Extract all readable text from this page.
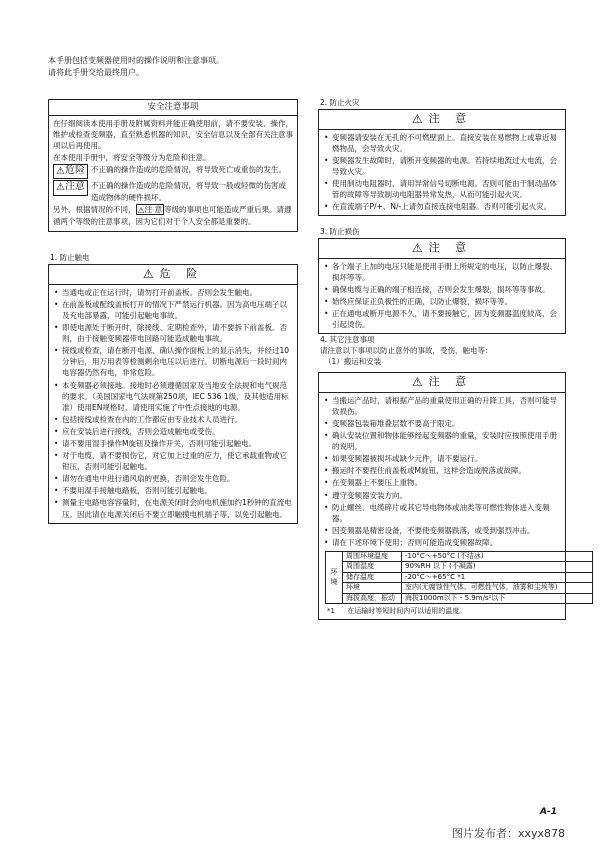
本手册包括变频器使用时的操作说明和注意事项。

请将此手册交给最终用户。

安全注意事项

在仔细阅读本使用手册及附属资料并能正确使用前，请不要安装、操作，维护或检查变频器，直至熟悉机器的知识，安全信息以及全部有关注意事项以后再使用。

在本使用手册中，将安全等级分为危险和注意。

⚠危险 不正确的操作造成的危险情况，将导致死亡或重伤的发生。
⚠注意 不正确的操作造成的危险情况，将导致一般或轻微的伤害或造成物体的硬件损坏。

另外，根据情况的不同， ⚠注 意 等级的事项也可能造成严重后果。请遵循两个等级的注意事项，因为它们对于个人安全都是重要的。

1. 防止触电
⚠危 险
• 当通电或正在运行时，请勿打开前盖板。否则会发生触电。
• 在前盖板或配线盖板打开的情况下严禁运行机器。因为高电压端子以及充电部暴露，可能引起触电事故。
• 即使电源处于断开时，除接线、定期检查外，请不要拆下前盖板。否则，由于接触变频器带电回路可能造成触电事故。
• 接线或检查，请在断开电源、确认操作面板上的显示消失，并经过10分钟后，用万用表等检测剩余电压以后进行。切断电源后一段时间内电容器仍然有电，非常危险。
• 本变频器必须接地。接地时必须遵循国家及当地安全法规和电气规范的要求。（美国国家电气法规第250项，IEC 536 1级，及其他适用标准）使用EN规格时，请使用实施了中性点接地的电源。
• 包括接线或检查在内的工作都应由专业技术人员进行。
• 应在安装后进行接线，否则会造成触电或受伤。
• 请不要用湿手操作M旋钮及操作开关，否则可能引起触电。
• 对于电缆，请不要损伤它，对它加上过重的应力，使它承载重物或它钳压，否则可能引起触电。
• 请勿在通电中进行通风扇的更换，否则会发生危险。
• 不要用湿手接触电路板，否则可能引起触电。
• 测量主电路电容容量时，在电源关闭时会向电机施加约1秒钟的直流电压。因此请在电源关闭后不要立即触摸电机端子等，以免引起触电。
2. 防止火灾
⚠注 意
• 变频器请安装在无孔的不可燃壁面上。直接安装在易燃物上或靠近易燃物品，会导致火灾。
• 变频器发生故障时，请断开变频器的电源。若持续地流过大电流，会导致火灾。
• 使用制动电阻器时，请用异常信号切断电源。否则可能由于制动晶体管的故障等导致制动电阻器异常发热，从而可能引起火灾。
• 在直流端子P/+、N/-上请勿直接连接电阻器。否则可能引起火灾。
3. 防止损伤
⚠注 意
• 各个端子上加的电压只能是使用手册上所规定的电压，以防止爆裂、损坏等等。
• 确保电缆与正确的端子相连接，否则会发生爆裂，损坏等等事故。
• 始终应保证正负极性的正确，以防止爆裂，损坏等等。
• 正在通电或断开电源不久，请不要接触它，因为变频器温度较高，会引起烫伤。
4. 其它注意事项
请注意以下事项以防止意外的事故，受伤，触电等：
（1）搬运和安装
⚠注 意
• 当搬运产品时，请根据产品的重量使用正确的升降工具，否则可能导致损伤。
• 变频器包装箱堆叠层数不要高于限定。
• 确认安装位置和物体能够经起变频器的重量，安装时应按照使用手册的说明。
• 如果变频器被损坏或缺少元件，请不要运行。
• 搬运时不要捏住前盖板或M旋钮，这样会造成脱落或故障。
• 在变频器上不要压上重物。
• 遵守变频器安装方向。
• 防止螺丝、电缆碎片或其它导电物体或油类等可燃性物体进入变频器。
• 因变频器是精密设备，不要使变频器跌落，或受到强烈冲击。
• 请在下述环境下使用；否则可能造成变频器故障。
环
境	周围环境温度	-10°C～+50°C (不结冰)
	周围湿度	90%RH 以下 (不凝露)
	储存温度	-20°C～+65°C *1
	环境	室内(无腐蚀性气体、可燃性气体，油雾和尘埃等)
	海拔高度，振动	海拔1000m以下・5.9m/s²以下
*1 在运输时等短时间内可以适用的温度。
A-1
图片发布者：xxyx878
